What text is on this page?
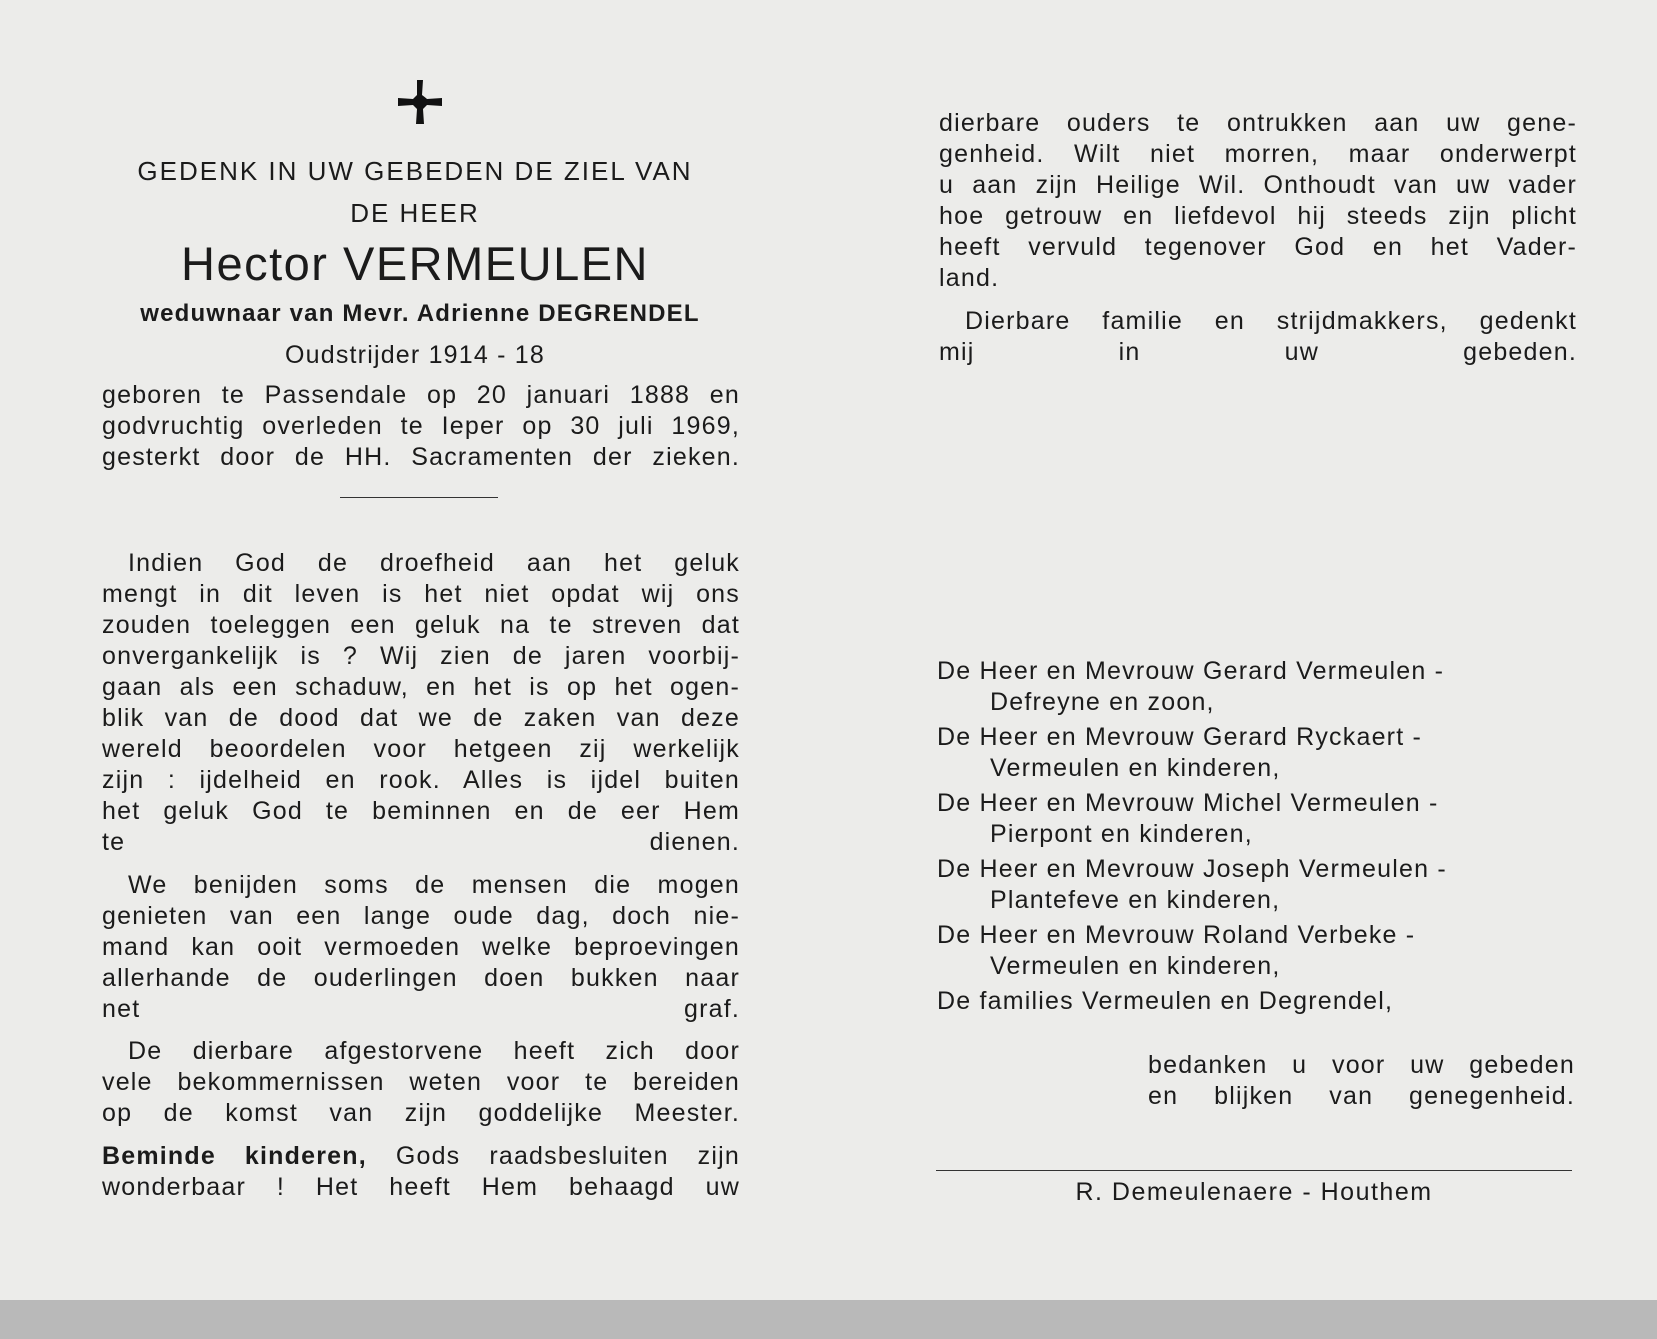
GEDENK IN UW GEBEDEN DE ZIEL VAN
DE HEER
Hector VERMEULEN
weduwnaar van Mevr. Adrienne DEGRENDEL
Oudstrijder 1914 - 18
geboren te Passendale op 20 januari 1888 en
godvruchtig overleden te Ieper op 30 juli 1969,
gesterkt door de HH. Sacramenten der zieken.
Indien God de droefheid aan het geluk
mengt in dit leven is het niet opdat wij ons
zouden toeleggen een geluk na te streven dat
onvergankelijk is ? Wij zien de jaren voorbij-
gaan als een schaduw, en het is op het ogen-
blik van de dood dat we de zaken van deze
wereld beoordelen voor hetgeen zij werkelijk
zijn : ijdelheid en rook. Alles is ijdel buiten
het geluk God te beminnen en de eer Hem
te dienen.
We benijden soms de mensen die mogen
genieten van een lange oude dag, doch nie-
mand kan ooit vermoeden welke beproevingen
allerhande de ouderlingen doen bukken naar
net graf.
De dierbare afgestorvene heeft zich door
vele bekommernissen weten voor te bereiden
op de komst van zijn goddelijke Meester.
Beminde kinderen, Gods raadsbesluiten zijn
wonderbaar ! Het heeft Hem behaagd uw
dierbare ouders te ontrukken aan uw gene-
genheid. Wilt niet morren, maar onderwerpt
u aan zijn Heilige Wil. Onthoudt van uw vader
hoe getrouw en liefdevol hij steeds zijn plicht
heeft vervuld tegenover God en het Vader-
land.
Dierbare familie en strijdmakkers, gedenkt
mij in uw gebeden.
De Heer en Mevrouw Gerard Vermeulen -
Defreyne en zoon,
De Heer en Mevrouw Gerard Ryckaert -
Vermeulen en kinderen,
De Heer en Mevrouw Michel Vermeulen -
Pierpont en kinderen,
De Heer en Mevrouw Joseph Vermeulen -
Plantefeve en kinderen,
De Heer en Mevrouw Roland Verbeke -
Vermeulen en kinderen,
De families Vermeulen en Degrendel,
bedanken u voor uw gebeden
en blijken van genegenheid.
R. Demeulenaere - Houthem
